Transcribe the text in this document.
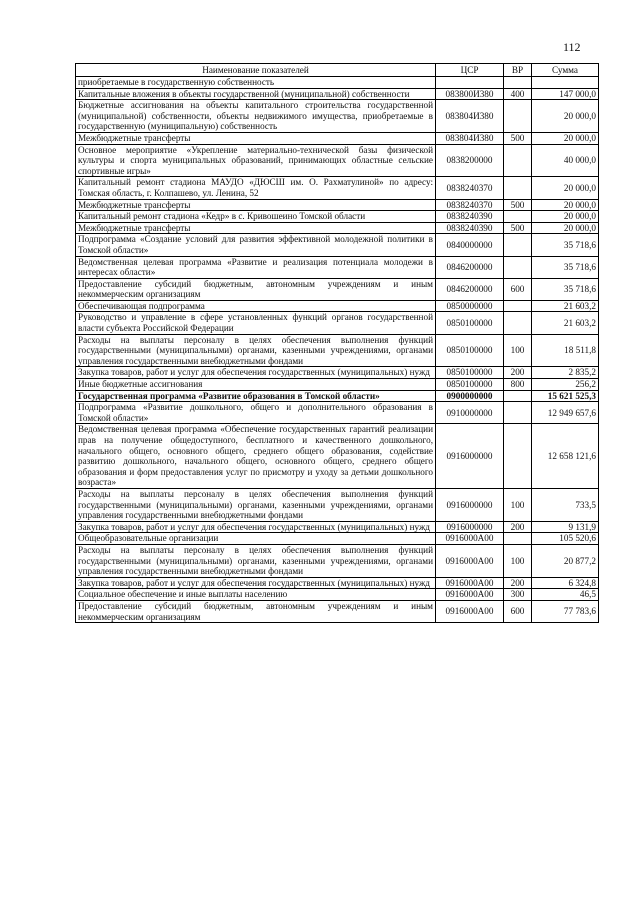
112
Наименование показателей	ЦСР	ВР	Сумма
приобретаемые в государственную собственность			
Капитальные вложения в объекты государственной (муниципальной) собственности	083800И380	400	147 000,0
Бюджетные ассигнования на объекты капитального строительства государственной (муниципальной) собственности, объекты недвижимого имущества, приобретаемые в государственную (муниципальную) собственность	083804И380		20 000,0
Межбюджетные трансферты	083804И380	500	20 000,0
Основное мероприятие «Укрепление материально-технической базы физической культуры и спорта муниципальных образований, принимающих областные сельские спортивные игры»	0838200000		40 000,0
Капитальный ремонт стадиона МАУДО «ДЮСШ им. О. Рахматулиной» по адресу: Томская область, г. Колпашево, ул. Ленина, 52	0838240370		20 000,0
Межбюджетные трансферты	0838240370	500	20 000,0
Капитальный ремонт стадиона «Кедр» в с. Кривошеино Томской области	0838240390		20 000,0
Межбюджетные трансферты	0838240390	500	20 000,0
Подпрограмма «Создание условий для развития эффективной молодежной политики в Томской области»	0840000000		35 718,6
Ведомственная целевая программа «Развитие и реализация потенциала молодежи в интересах области»	0846200000		35 718,6
Предоставление субсидий бюджетным, автономным учреждениям и иным некоммерческим организациям	0846200000	600	35 718,6
Обеспечивающая подпрограмма	0850000000		21 603,2
Руководство и управление в сфере установленных функций органов государственной власти субъекта Российской Федерации	0850100000		21 603,2
Расходы на выплаты персоналу в целях обеспечения выполнения функций государственными (муниципальными) органами, казенными учреждениями, органами управления государственными внебюджетными фондами	0850100000	100	18 511,8
Закупка товаров, работ и услуг для обеспечения государственных (муниципальных) нужд	0850100000	200	2 835,2
Иные бюджетные ассигнования	0850100000	800	256,2
Государственная программа «Развитие образования в Томской области»	0900000000		15 621 525,3
Подпрограмма «Развитие дошкольного, общего и дополнительного образования в Томской области»	0910000000		12 949 657,6
Ведомственная целевая программа «Обеспечение государственных гарантий реализации прав на получение общедоступного, бесплатного и качественного дошкольного, начального общего, основного общего, среднего общего образования, содействие развитию дошкольного, начального общего, основного общего, среднего общего образования и форм предоставления услуг по присмотру и уходу за детьми дошкольного возраста»	0916000000		12 658 121,6
Расходы на выплаты персоналу в целях обеспечения выполнения функций государственными (муниципальными) органами, казенными учреждениями, органами управления государственными внебюджетными фондами	0916000000	100	733,5
Закупка товаров, работ и услуг для обеспечения государственных (муниципальных) нужд	0916000000	200	9 131,9
Общеобразовательные организации	0916000А00		105 520,6
Расходы на выплаты персоналу в целях обеспечения выполнения функций государственными (муниципальными) органами, казенными учреждениями, органами управления государственными внебюджетными фондами	0916000А00	100	20 877,2
Закупка товаров, работ и услуг для обеспечения государственных (муниципальных) нужд	0916000А00	200	6 324,8
Социальное обеспечение и иные выплаты населению	0916000А00	300	46,5
Предоставление субсидий бюджетным, автономным учреждениям и иным некоммерческим организациям	0916000А00	600	77 783,6
